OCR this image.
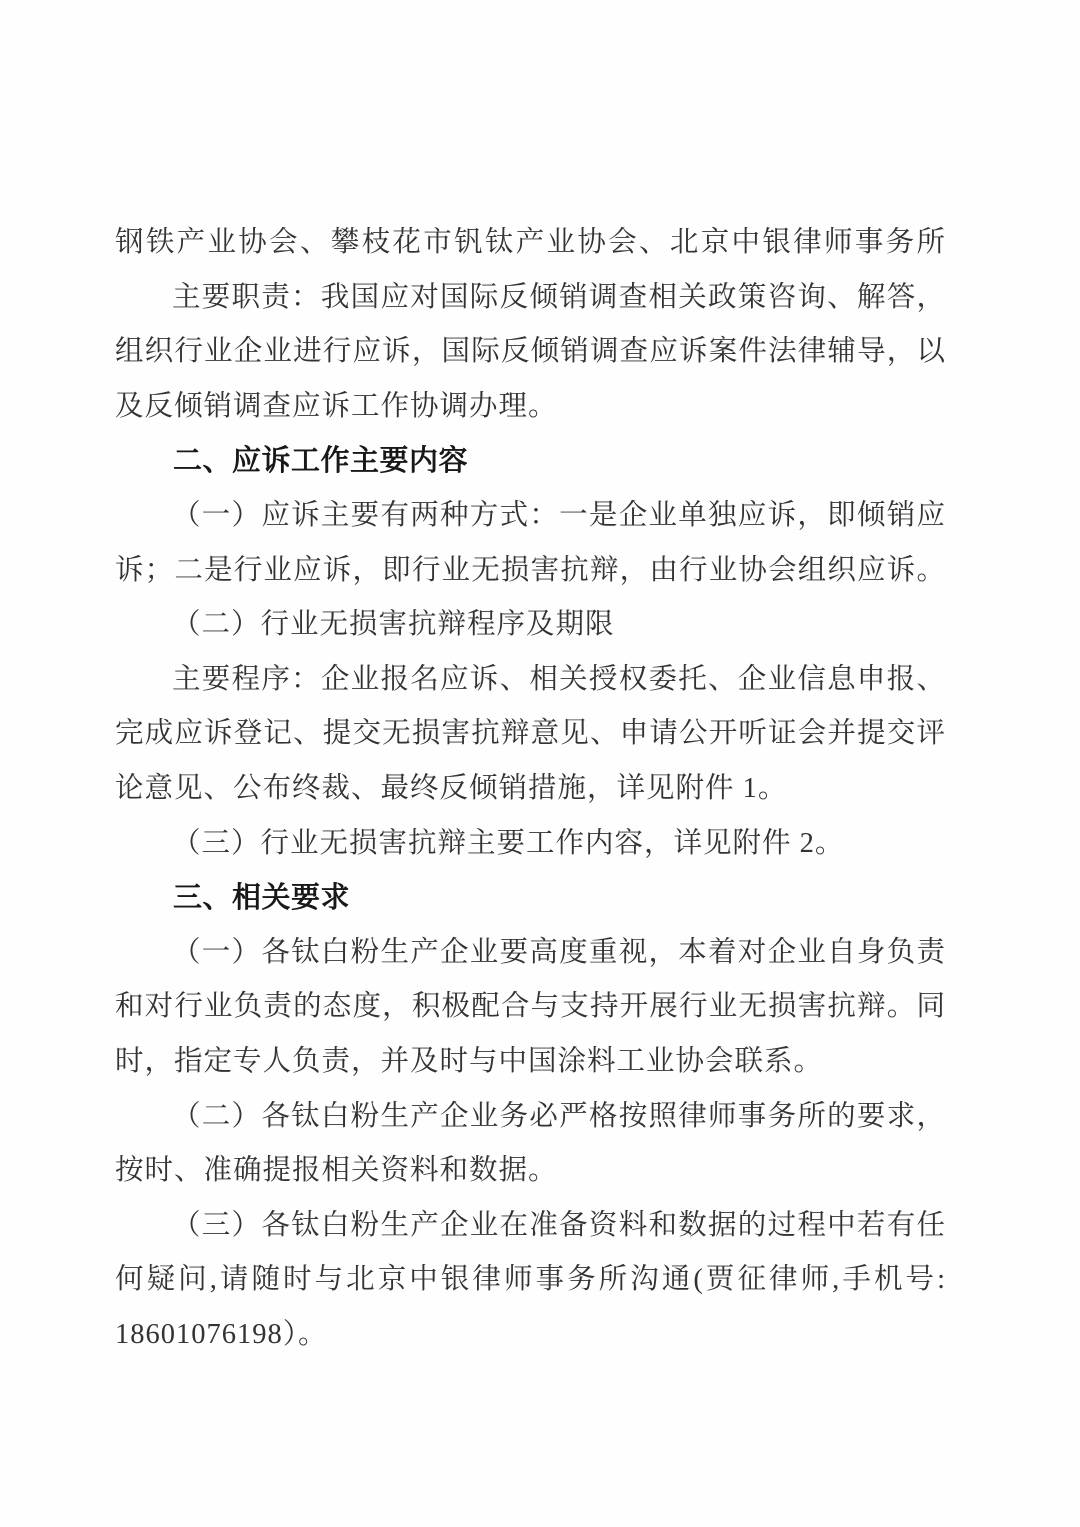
钢铁产业协会、攀枝花市钒钛产业协会、北京中银律师事务所
主要职责：我国应对国际反倾销调查相关政策咨询、解答，
组织行业企业进行应诉，国际反倾销调查应诉案件法律辅导，以
及反倾销调查应诉工作协调办理。
二、应诉工作主要内容
（一）应诉主要有两种方式：一是企业单独应诉，即倾销应
诉；二是行业应诉，即行业无损害抗辩，由行业协会组织应诉。
（二）行业无损害抗辩程序及期限
主要程序：企业报名应诉、相关授权委托、企业信息申报、
完成应诉登记、提交无损害抗辩意见、申请公开听证会并提交评
论意见、公布终裁、最终反倾销措施，详见附件 1。
（三）行业无损害抗辩主要工作内容，详见附件 2。
三、相关要求
（一）各钛白粉生产企业要高度重视，本着对企业自身负责
和对行业负责的态度，积极配合与支持开展行业无损害抗辩。同
时，指定专人负责，并及时与中国涂料工业协会联系。
（二）各钛白粉生产企业务必严格按照律师事务所的要求，
按时、准确提报相关资料和数据。
（三）各钛白粉生产企业在准备资料和数据的过程中若有任
何疑问,请随时与北京中银律师事务所沟通(贾征律师,手机号:
18601076198）。
